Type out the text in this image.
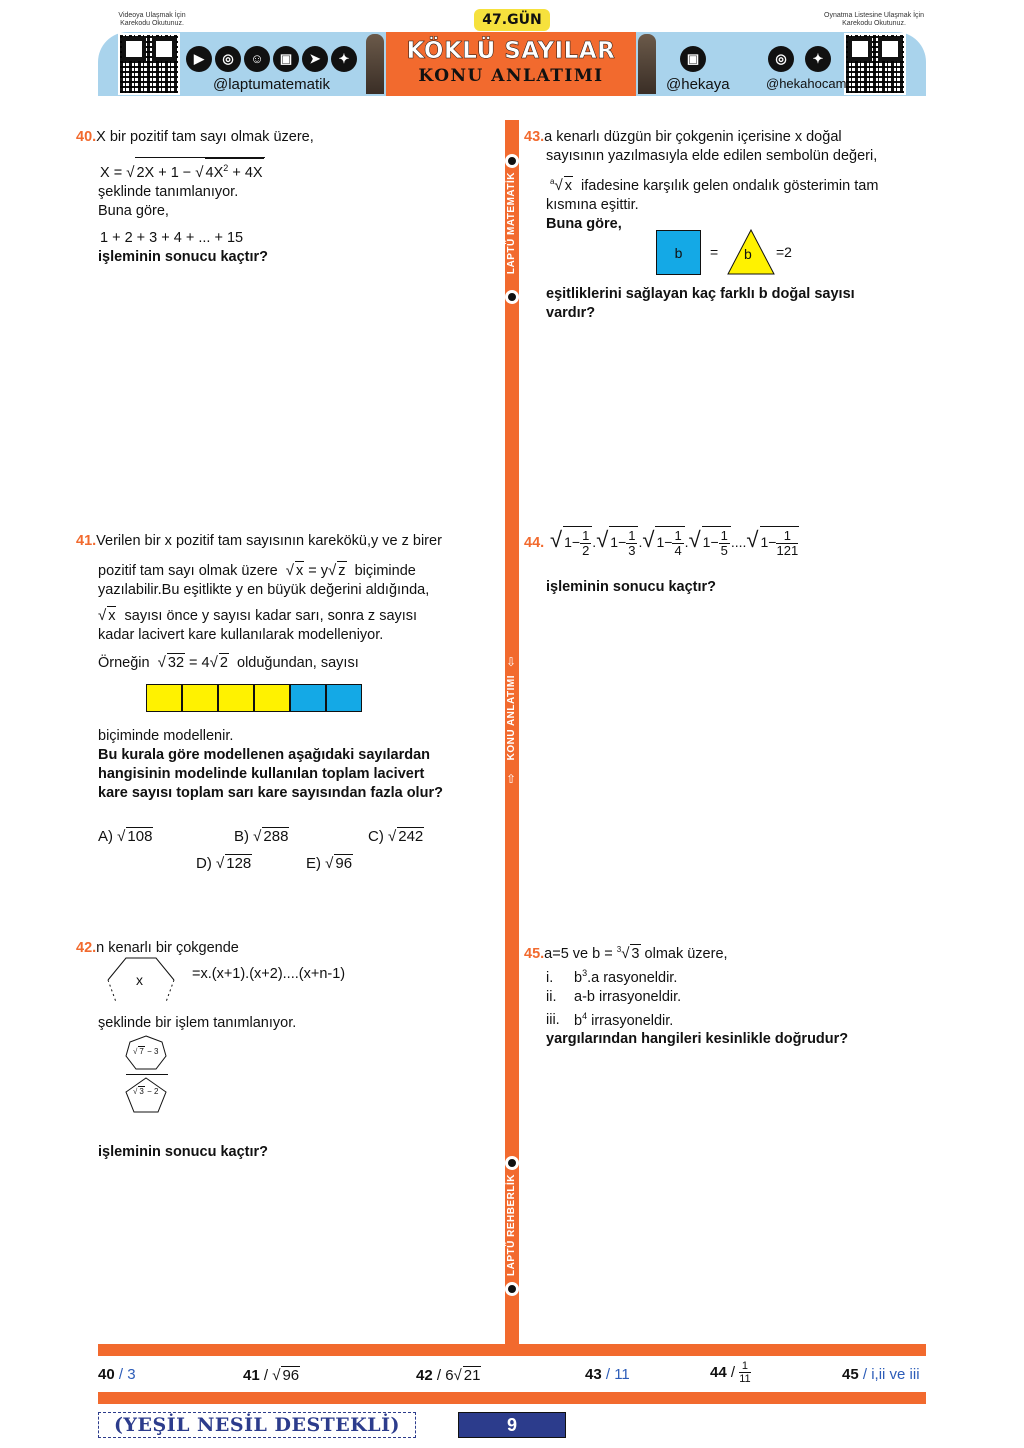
Videoya Ulaşmak İçin
Karekodu Okutunuz.
Oynatma Listesine Ulaşmak İçin
Karekodu Okutunuz.
47.GÜN
▶	◎	☺	▣	➤	✦
@laptumatematik
KÖKLÜ SAYILAR
KONU ANLATIMI
▣
@hekaya
◎	✦
@hekahocam
LAPTÜ MATEMATİK
⇩
KONU ANLATIMI
⇧
LAPTÜ REHBERLİK
40.X bir pozitif tam sayı olmak üzere,
X = √ 2X + 1 − √ $4X^2 + 4X$
şeklinde tanımlanıyor.
Buna göre,
1 + 2 + 3 + 4 + ... + 15
işleminin sonucu kaçtır?
43.a kenarlı düzgün bir çokgenin içerisine x doğal
sayısının yazılmasıyla elde edilen sembolün değeri,
$^a$√ x ifadesine karşılık gelen ondalık gösterimin tam
kısmına eşittir.
Buna göre,
b	= b =2
eşitliklerini sağlayan kaç farklı b doğal sayısı
vardır?
41.Verilen bir x pozitif tam sayısının karekökü,y ve z birer
pozitif tam sayı olmak üzere √ x = y√ z biçiminde
yazılabilir.Bu eşitlikte y en büyük değerini aldığında,
√ x sayısı önce y sayısı kadar sarı, sonra z sayısı
kadar lacivert kare kullanılarak modelleniyor.
Örneğin √ 32 = 4√ 2 olduğundan, sayısı
biçiminde modellenir.
Bu kurala göre modellenen aşağıdaki sayılardan
hangisinin modelinde kullanılan toplam lacivert
kare sayısı toplam sarı kare sayısından fazla olur?
A) √ 108	B) √ 288	C) √ 242
D) √ 128	E) √ 96
44. √ $1- \frac{1}{2}$ .√ $1- \frac{1}{3}$ .√ $1- \frac{1}{4}$ .√ $1- \frac{1}{5}$ ....√ $1- \frac{1}{121}$
işleminin sonucu kaçtır?
42.n kenarlı bir çokgende
x	=x.(x+1).(x+2)....(x+n-1)
şeklinde bir işlem tanımlanıyor.
√ 7 − 3
√ 3 − 2
işleminin sonucu kaçtır?
45.a=5 ve b = $^3$√ 3 olmak üzere,
i. $b^3.a$ rasyoneldir.
ii. a-b irrasyoneldir.
iii. $b^4$ irrasyoneldir.
yargılarından hangileri kesinlikle doğrudur?
40 / 3	41 / √ 96	42 / 6√ 21	43 / 11	$44 / \frac{1}{11}$	45 / i,ii ve iii
(YEŞİL NESİL DESTEKLİ)	9
